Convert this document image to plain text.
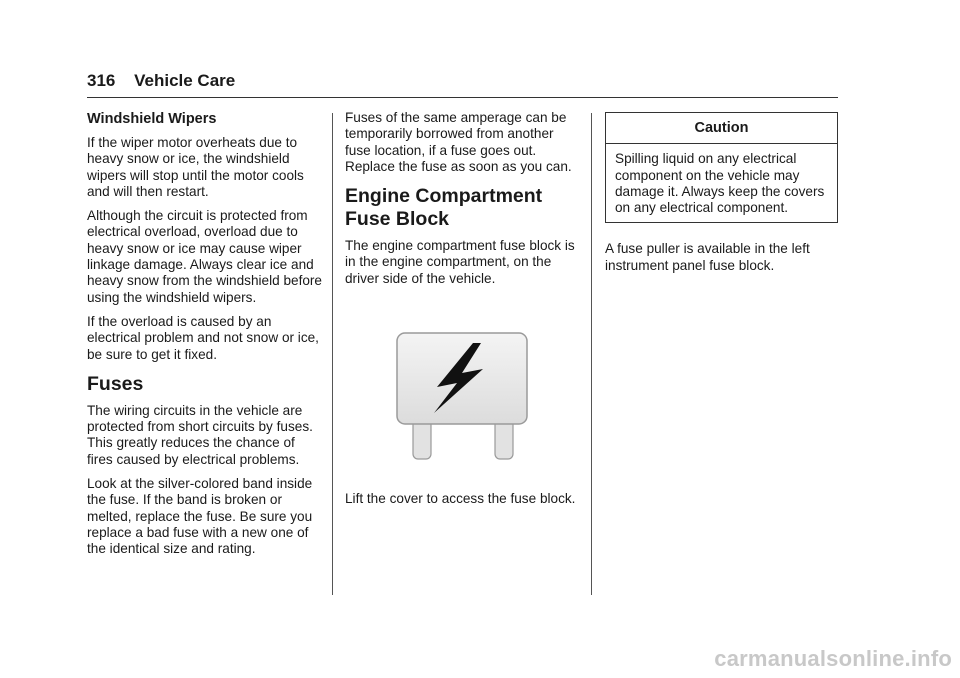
316 Vehicle Care
Windshield Wipers

If the wiper motor overheats due to heavy snow or ice, the windshield wipers will stop until the motor cools and will then restart.

Although the circuit is protected from electrical overload, overload due to heavy snow or ice may cause wiper linkage damage. Always clear ice and heavy snow from the windshield before using the windshield wipers.

If the overload is caused by an electrical problem and not snow or ice, be sure to get it fixed.

Fuses

The wiring circuits in the vehicle are protected from short circuits by fuses. This greatly reduces the chance of fires caused by electrical problems.

Look at the silver-colored band inside the fuse. If the band is broken or melted, replace the fuse. Be sure you replace a bad fuse with a new one of the identical size and rating.

Fuses of the same amperage can be temporarily borrowed from another fuse location, if a fuse goes out. Replace the fuse as soon as you can.

Engine Compartment Fuse Block

The engine compartment fuse block is in the engine compartment, on the driver side of the vehicle.

Lift the cover to access the fuse block.

Caution
Spilling liquid on any electrical component on the vehicle may damage it. Always keep the covers on any electrical component.

A fuse puller is available in the left instrument panel fuse block.

carmanualsonline.info
